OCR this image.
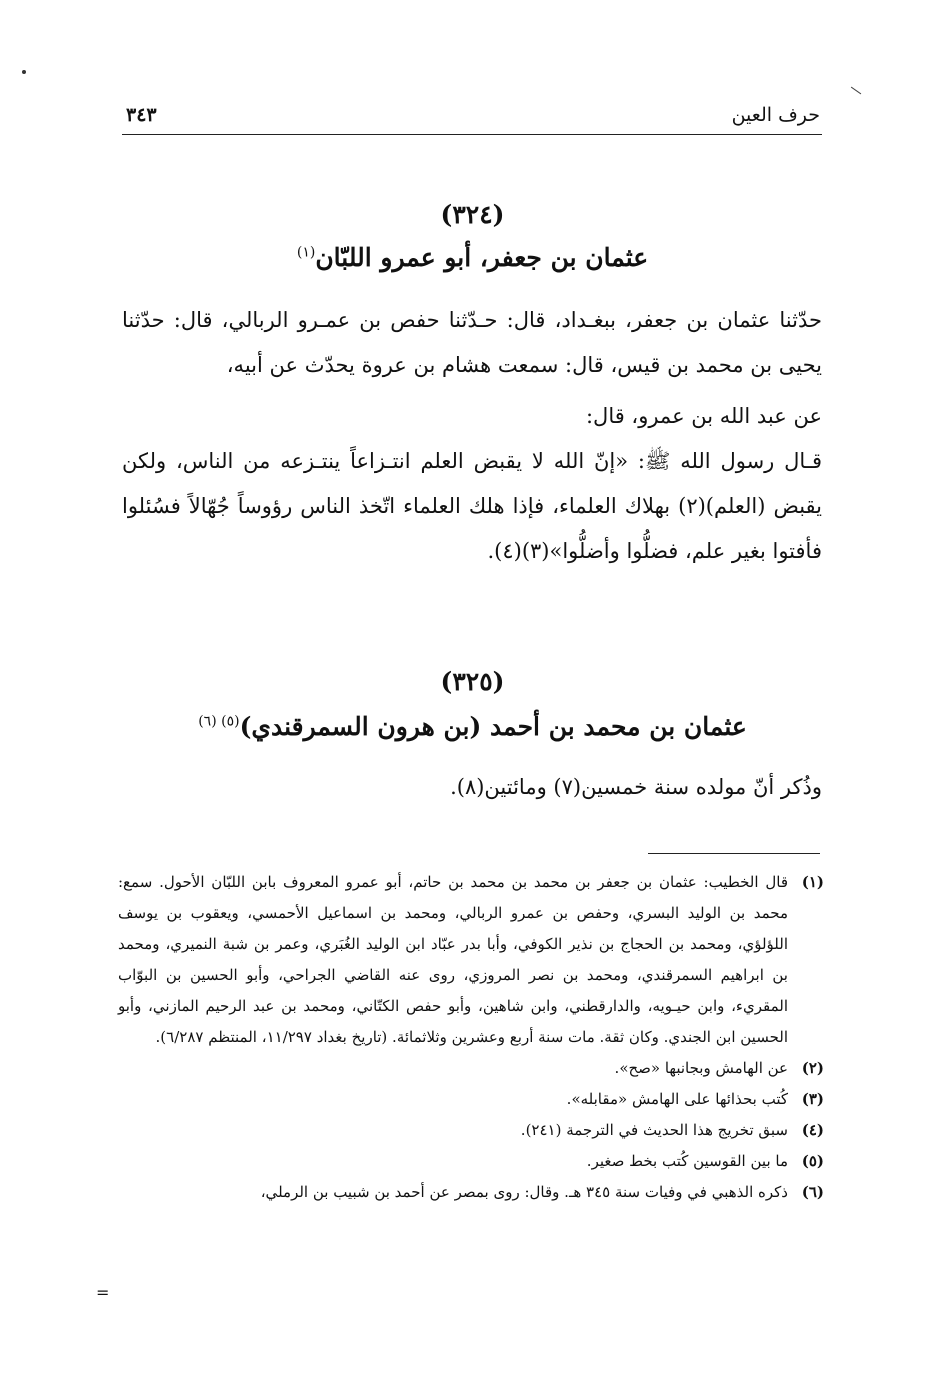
حرف العين
٣٤٣
(٣٢٤)
عثمان بن جعفر، أبو عمرو اللبّان$^{(١)}$

حدّثنا عثمان بن جعفر، ببغـداد، قال: حـدّثنا حفص بن عمـرو الربالي، قال: حدّثنا يحيى بن محمد بن قيس، قال: سمعت هشام بن عروة يحدّث عن أبيه،

عن عبد الله بن عمرو، قال:

قـال رسول الله ﷺ: «إنّ الله لا يقبض العلم انتـزاعاً ينتـزعه من الناس، ولكن يقبض (العلم)(٢) بهلاك العلماء، فإذا هلك العلماء اتّخذ الناس رؤوساً جُهّالاً فسُئلوا فأفتوا بغير علم، فضلُّوا وأضلُّوا»(٣)(٤).

(٣٢٥)
عثمان بن محمد بن أحمد (بن هرون السمرقندي)$^{(٥) (٦)}$

وذُكر أنّ مولده سنة خمسين(٧) ومائتين(٨).

(١)
قال الخطيب: عثمان بن جعفر بن محمد بن محمد بن حاتم، أبو عمرو المعروف بابن اللبّان الأحول. سمع: محمد بن الوليد البسري، وحفص بن عمرو الربالي، ومحمد بن اسماعيل الأحمسي، ويعقوب بن يوسف اللؤلؤي، ومحمد بن الحجاج بن نذير الكوفي، وأبا بدر عبّاد ابن الوليد الغُبَري، وعمر بن شبة النميري، ومحمد بن ابراهيم السمرقندي، ومحمد بن نصر المروزي، روى عنه القاضي الجراحي، وأبو الحسين بن البوّاب المقريء، وابن حيـويه، والدارقطني، وابن شاهين، وأبو حفص الكتّاني، ومحمد بن عبد الرحيم المازني، وأبو الحسين ابن الجندي. وكان ثقة. مات سنة أربع وعشرين وثلاثمائة. (تاريخ بغداد ١١/٢٩٧، المنتظم ٦/٢٨٧).
(٢)
عن الهامش وبجانبها «صح».
(٣)
كُتب بحذائها على الهامش «مقابله».
(٤)
سبق تخريج هذا الحديث في الترجمة (٢٤١).
(٥)
ما بين القوسين كُتب بخط صغير.
(٦)
ذكره الذهبي في وفيات سنة ٣٤٥ هـ. وقال: روى بمصر عن أحمد بن شبيب بن الرملي،
=
